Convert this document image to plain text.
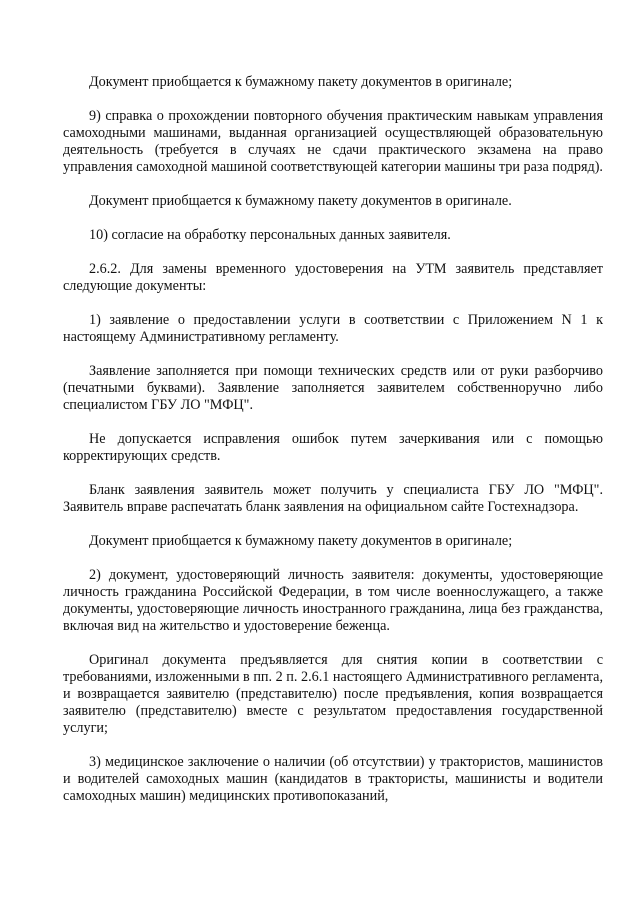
Документ приобщается к бумажному пакету документов в оригинале;

9) справка о прохождении повторного обучения практическим навыкам управления самоходными машинами, выданная организацией осуществляющей образовательную деятельность (требуется в случаях не сдачи практического экзамена на право управления самоходной машиной соответствующей категории машины три раза подряд).

Документ приобщается к бумажному пакету документов в оригинале.

10) согласие на обработку персональных данных заявителя.

2.6.2. Для замены временного удостоверения на УТМ заявитель представляет следующие документы:

1) заявление о предоставлении услуги в соответствии с Приложением N 1 к настоящему Административному регламенту.

Заявление заполняется при помощи технических средств или от руки разборчиво (печатными буквами). Заявление заполняется заявителем собственноручно либо специалистом ГБУ ЛО "МФЦ".

Не допускается исправления ошибок путем зачеркивания или с помощью корректирующих средств.

Бланк заявления заявитель может получить у специалиста ГБУ ЛО "МФЦ". Заявитель вправе распечатать бланк заявления на официальном сайте Гостехнадзора.

Документ приобщается к бумажному пакету документов в оригинале;

2) документ, удостоверяющий личность заявителя: документы, удостоверяющие личность гражданина Российской Федерации, в том числе военнослужащего, а также документы, удостоверяющие личность иностранного гражданина, лица без гражданства, включая вид на жительство и удостоверение беженца.

Оригинал документа предъявляется для снятия копии в соответствии с требованиями, изложенными в пп. 2 п. 2.6.1 настоящего Административного регламента, и возвращается заявителю (представителю) после предъявления, копия возвращается заявителю (представителю) вместе с результатом предоставления государственной услуги;

3) медицинское заключение о наличии (об отсутствии) у трактористов, машинистов и водителей самоходных машин (кандидатов в трактористы, машинисты и водители самоходных машин) медицинских противопоказаний,
